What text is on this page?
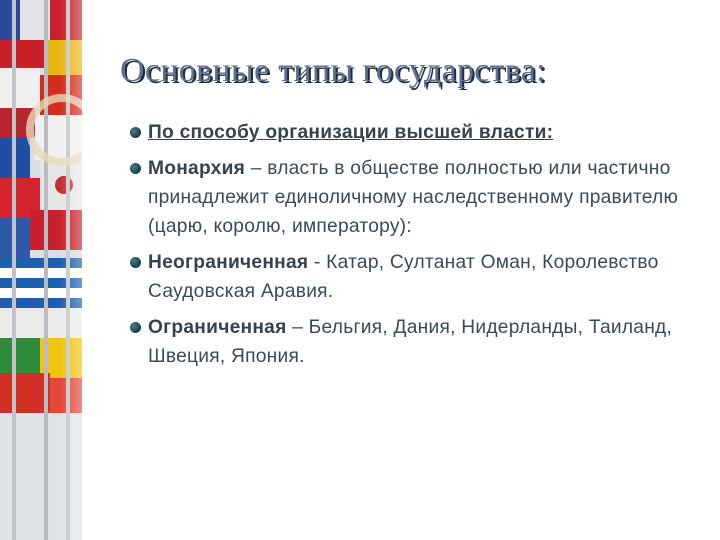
Основные типы государства:
По способу организации высшей власти:
Монархия – власть в обществе полностью или частично принадлежит единоличному наследственному правителю (царю, королю, императору):
Неограниченная - Катар, Султанат Оман, Королевство Саудовская Аравия.
Ограниченная – Бельгия, Дания, Нидерланды, Таиланд, Швеция, Япония.
